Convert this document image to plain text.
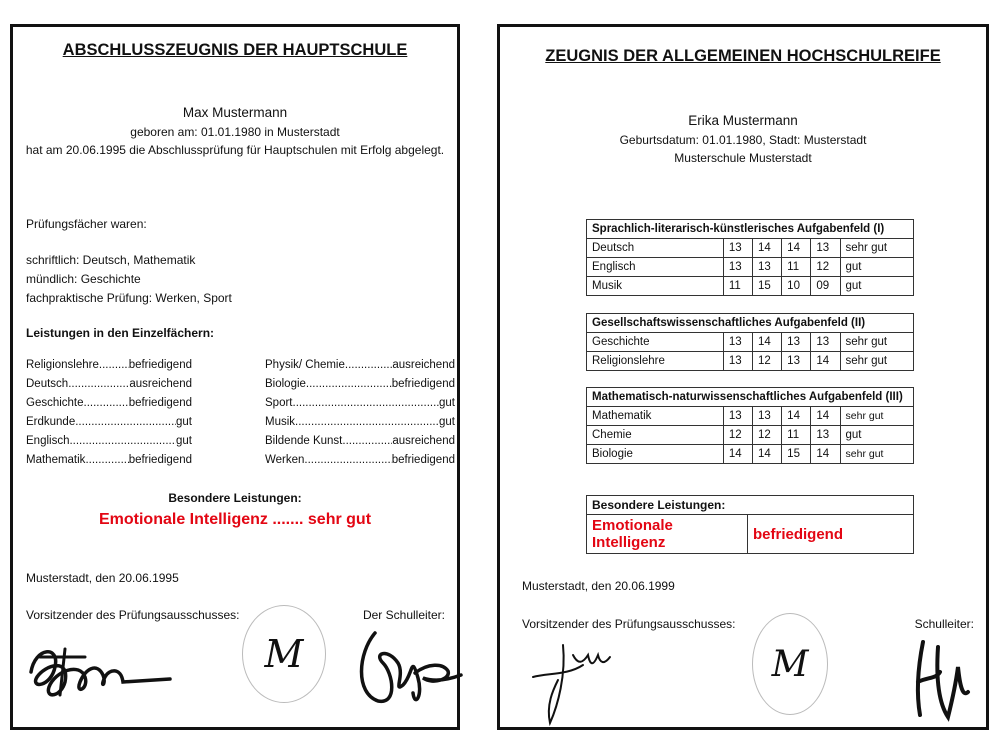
ABSCHLUSSZEUGNIS DER HAUPTSCHULE
Max Mustermann
geboren am: 01.01.1980 in Musterstadt
hat am 20.06.1995 die Abschlussprüfung für Hauptschulen mit Erfolg abgelegt.
Prüfungsfächer waren:
schriftlich: Deutsch, Mathematik
mündlich: Geschichte
fachpraktische Prüfung: Werken, Sport
Leistungen in den Einzelfächern:
Religionslehre .....	befriedigend
Deutsch .....	ausreichend
Geschichte .....	befriedigend
Erdkunde .....	gut
Englisch .....	gut
Mathematik .....	befriedigend
Physik/ Chemie .....	ausreichend
Biologie .....	befriedigend
Sport .....	gut
Musik .....	gut
Bildende Kunst .....	ausreichend
Werken .....	befriedigend
Besondere Leistungen:
Emotionale Intelligenz ....... sehr gut
Musterstadt, den 20.06.1995
Vorsitzender des Prüfungsausschusses:	Der Schulleiter:
M
ZEUGNIS DER ALLGEMEINEN HOCHSCHULREIFE
Erika Mustermann
Geburtsdatum: 01.01.1980, Stadt: Musterstadt
Musterschule Musterstadt
Sprachlich-literarisch-künstlerisches Aufgabenfeld (I)					
Deutsch	13	14	14	13	sehr gut
Englisch	13	13	11	12	gut
Musik	11	15	10	09	gut
Gesellschaftswissenschaftliches Aufgabenfeld (II)					
Geschichte	13	14	13	13	sehr gut
Religionslehre	13	12	13	14	sehr gut
Mathematisch-naturwissenschaftliches Aufgabenfeld (III)					
Mathematik	13	13	14	14	sehr gut
Chemie	12	12	11	13	gut
Biologie	14	14	15	14	sehr gut
Besondere Leistungen:
Emotionale Intelligenz	befriedigend
Musterstadt, den 20.06.1999
Vorsitzender des Prüfungsausschusses:	Schulleiter:
M
